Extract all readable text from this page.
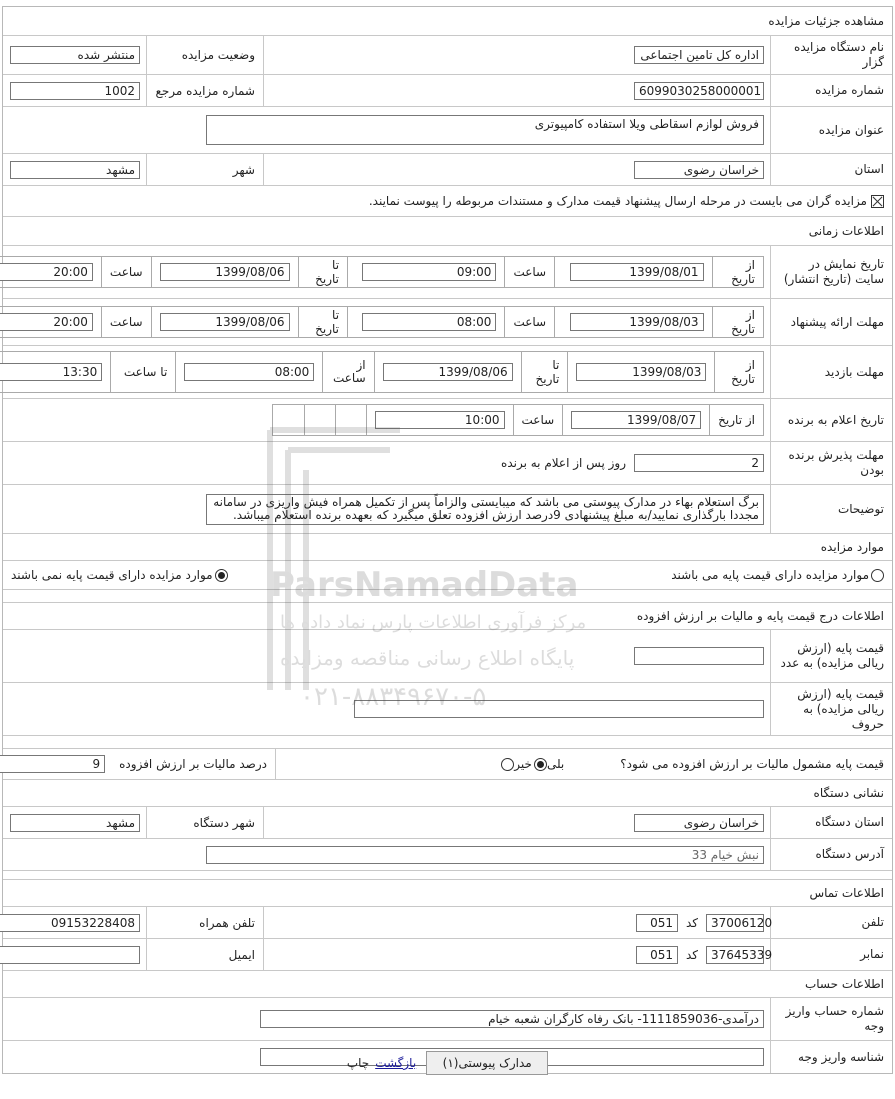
مشاهده جزئیات مزایده
نام دستگاه مزایده گزار
اداره کل تامین اجتماعی
وضعیت مزایده
منتشر شده
شماره مزایده
6099030258000001
شماره مزایده مرجع
1002
عنوان مزایده
فروش لوازم اسقاطی ویلا استفاده کامپیوتری
استان
خراسان رضوی
شهر
مشهد
مزایده گران می بایست در مرحله ارسال پیشنهاد قیمت مدارک و مستندات مربوطه را پیوست نمایند.
اطلاعات زمانی
تاریخ نمایش در سایت (تاریخ انتشار)
از تاریخ
1399/08/01
ساعت
09:00
تا تاریخ
1399/08/06
ساعت
20:00
مهلت ارائه پیشنهاد
از تاریخ
1399/08/03
ساعت
08:00
تا تاریخ
1399/08/06
ساعت
20:00
مهلت بازدید
از تاریخ
1399/08/03
تا تاریخ
1399/08/06
از ساعت
08:00
تا ساعت
13:30
تاریخ اعلام به برنده
از تاریخ
1399/08/07
ساعت
10:00
مهلت پذیرش برنده بودن
2
روز پس از اعلام به برنده
توضیحات
برگ استعلام بهاء در مدارک پیوستی می باشد که میبایستی والزاماً پس از تکمیل همراه فیش واریزی در سامانه مجددا بارگذاری نمایید/به مبلغ پیشنهادی 9درصد ارزش افزوده تعلق میگیرد که بعهده برنده استعلام میباشد.
موارد مزایده
موارد مزایده دارای قیمت پایه می باشند
موارد مزایده دارای قیمت پایه نمی باشند
اطلاعات درج قیمت پایه و مالیات بر ارزش افزوده
قیمت پایه (ارزش ریالی مزایده) به عدد
قیمت پایه (ارزش ریالی مزایده) به حروف
قیمت پایه مشمول مالیات بر ارزش افزوده می شود؟
بلی
خیر
درصد مالیات بر ارزش افزوده
9
نشانی دستگاه
استان دستگاه
خراسان رضوی
شهر دستگاه
مشهد
آدرس دستگاه
نبش خیام 33
اطلاعات تماس
تلفن
37006120
کد
051
تلفن همراه
09153228408
نمابر
37645339
کد
051
ایمیل
اطلاعات حساب
شماره حساب واریز وجه
درآمدی-1111859036- بانک رفاه کارگران شعبه خیام
شناسه واریز وجه
مدارک پیوستی(۱)
بازگشت
چاپ
